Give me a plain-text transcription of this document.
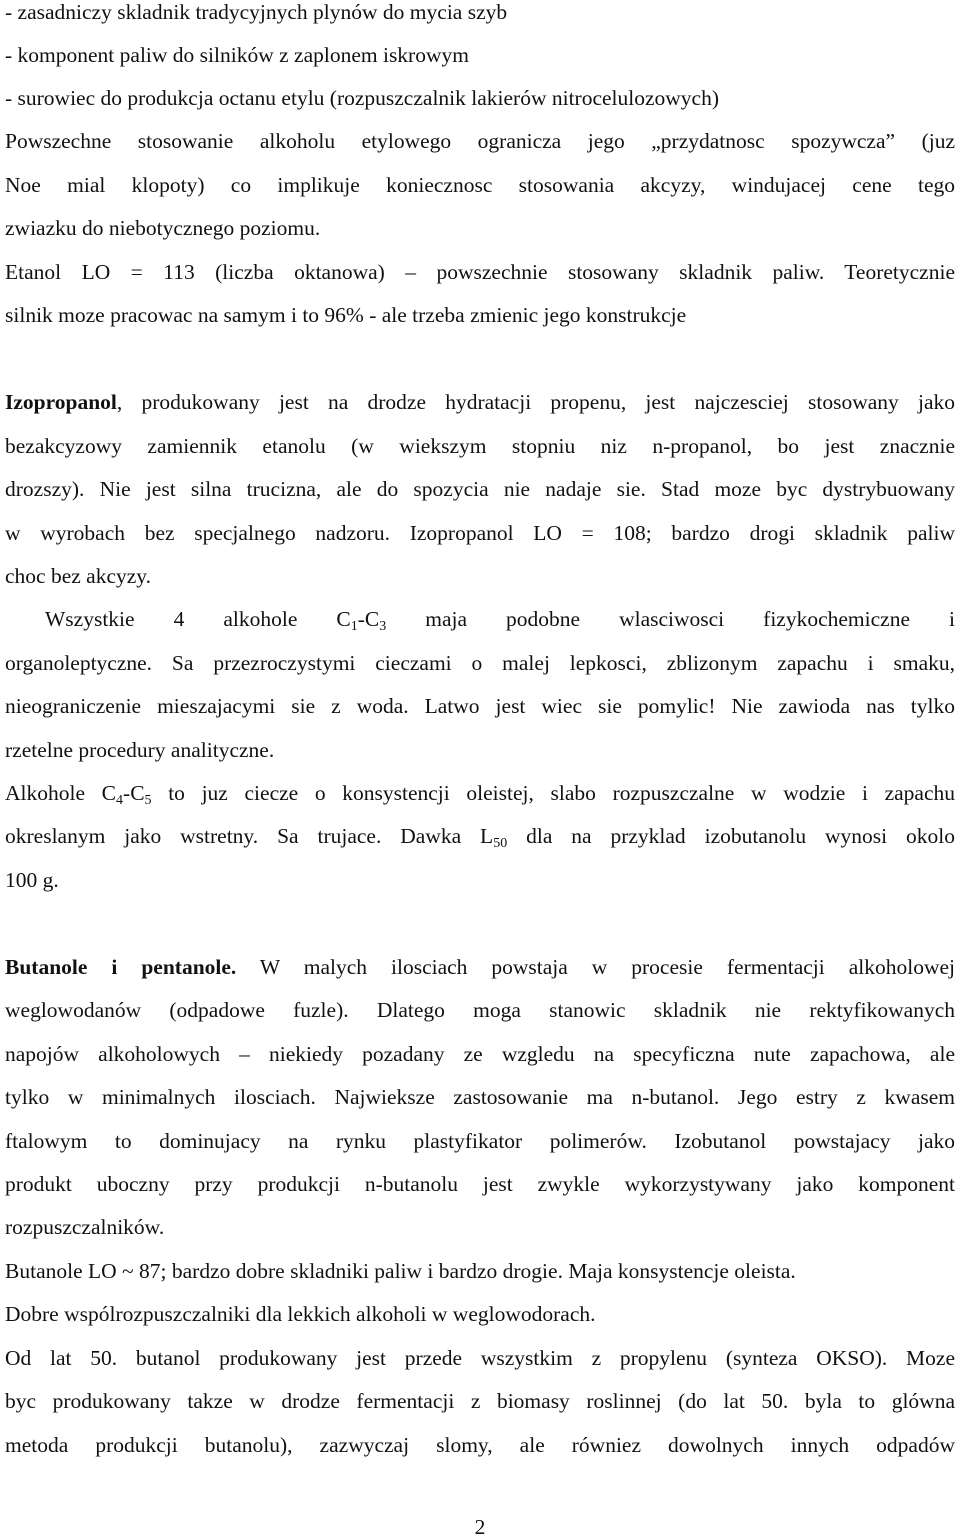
- zasadniczy skladnik tradycyjnych plynów do mycia szyb
- komponent paliw do silników z zaplonem iskrowym
- surowiec do produkcja octanu etylu (rozpuszczalnik lakierów nitrocelulozowych)
Powszechne stosowanie alkoholu etylowego ogranicza jego „przydatnosc spozywcza” (juz
Noe mial klopoty) co implikuje koniecznosc stosowania akcyzy, windujacej cene tego
zwiazku do niebotycznego poziomu.
Etanol LO = 113 (liczba oktanowa) – powszechnie stosowany skladnik paliw. Teoretycznie
silnik moze pracowac na samym i to 96% - ale trzeba zmienic jego konstrukcje
Izopropanol, produkowany jest na drodze hydratacji propenu, jest najczesciej stosowany jako
bezakcyzowy zamiennik etanolu (w wiekszym stopniu niz n-propanol, bo jest znacznie
drozszy). Nie jest silna trucizna, ale do spozycia nie nadaje sie. Stad moze byc dystrybuowany
w wyrobach bez specjalnego nadzoru. Izopropanol LO = 108; bardzo drogi skladnik paliw
choc bez akcyzy.
Wszystkie 4 alkohole $C_1-C_3$ maja podobne wlasciwosci fizykochemiczne i
organoleptyczne. Sa przezroczystymi cieczami o malej lepkosci, zblizonym zapachu i smaku,
nieograniczenie mieszajacymi sie z woda. Latwo jest wiec sie pomylic! Nie zawioda nas tylko
rzetelne procedury analityczne.
Alkohole $C_4-C_5$ to juz ciecze o konsystencji oleistej, slabo rozpuszczalne w wodzie i zapachu
okreslanym jako wstretny. Sa trujace. Dawka $L_{50}$ dla na przyklad izobutanolu wynosi okolo
100 g.
Butanole i pentanole. W malych ilosciach powstaja w procesie fermentacji alkoholowej
weglowodanów (odpadowe fuzle). Dlatego moga stanowic skladnik nie rektyfikowanych
napojów alkoholowych – niekiedy pozadany ze wzgledu na specyficzna nute zapachowa, ale
tylko w minimalnych ilosciach. Najwieksze zastosowanie ma n-butanol. Jego estry z kwasem
ftalowym to dominujacy na rynku plastyfikator polimerów. Izobutanol powstajacy jako
produkt uboczny przy produkcji n-butanolu jest zwykle wykorzystywany jako komponent
rozpuszczalników.
Butanole LO ~ 87; bardzo dobre skladniki paliw i bardzo drogie. Maja konsystencje oleista.
Dobre wspólrozpuszczalniki dla lekkich alkoholi w weglowodorach.
Od lat 50. butanol produkowany jest przede wszystkim z propylenu (synteza OKSO). Moze
byc produkowany takze w drodze fermentacji z biomasy roslinnej (do lat 50. byla to glówna
metoda produkcji butanolu), zazwyczaj slomy, ale równiez dowolnych innych odpadów
2
